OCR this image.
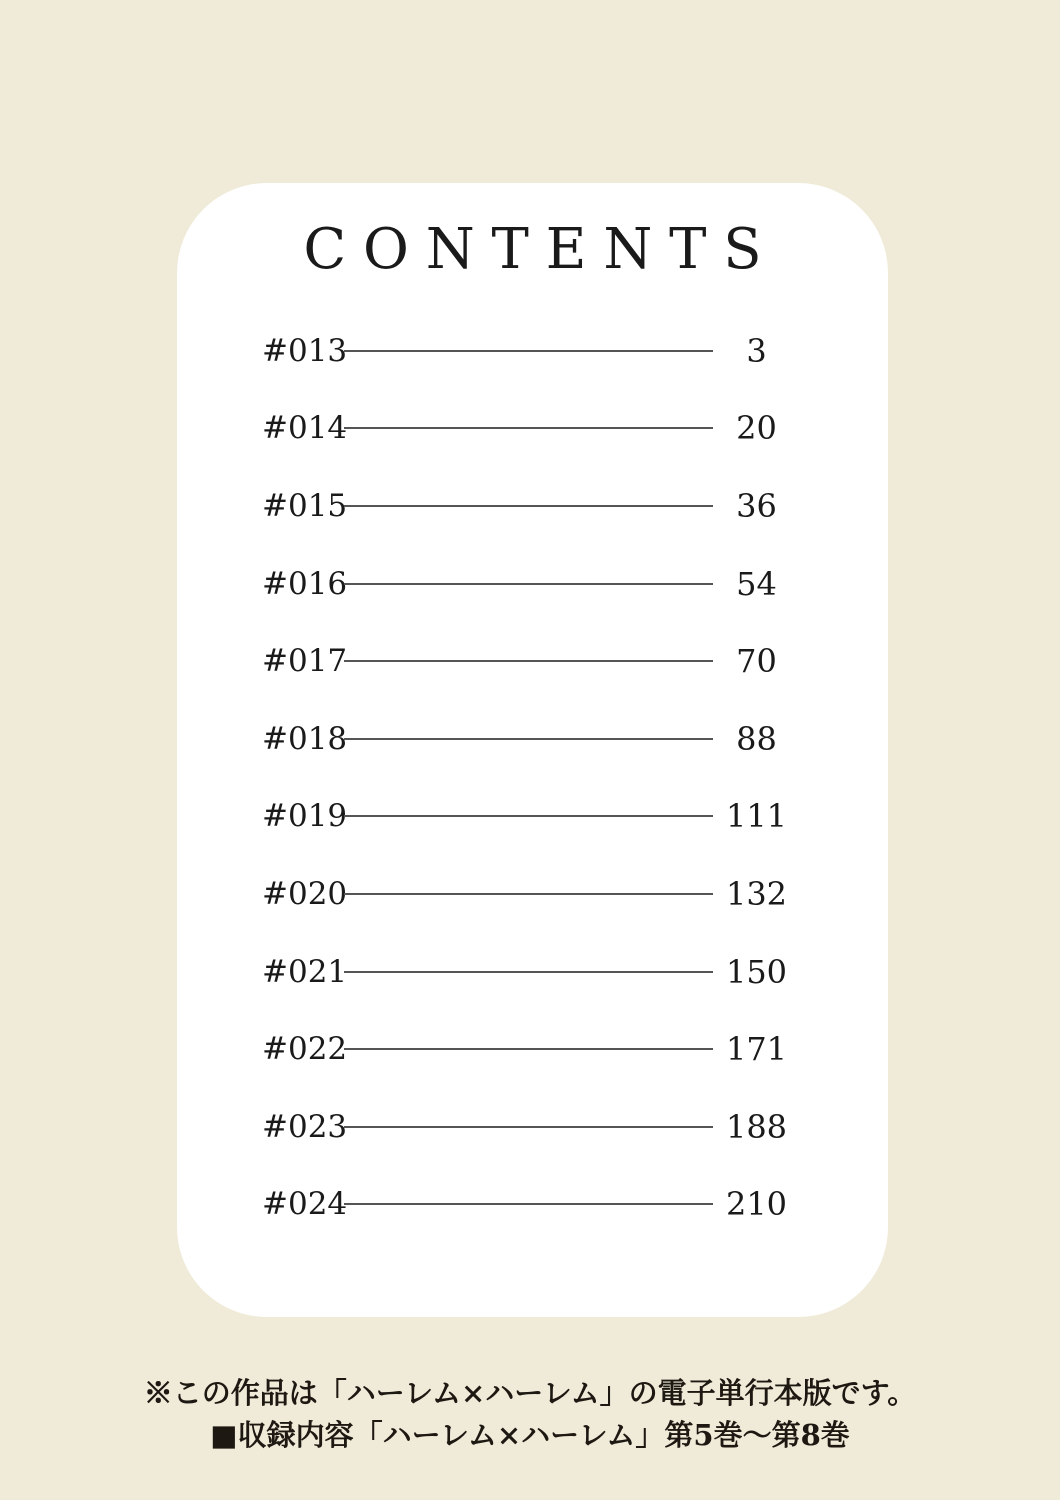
CONTENTS
#013	3
#014	20
#015	36
#016	54
#017	70
#018	88
#019	111
#020	132
#021	150
#022	171
#023	188
#024	210
※この作品は「ハーレム×ハーレム」の電子単行本版です。
■収録内容「ハーレム×ハーレム」第5巻～第8巻
